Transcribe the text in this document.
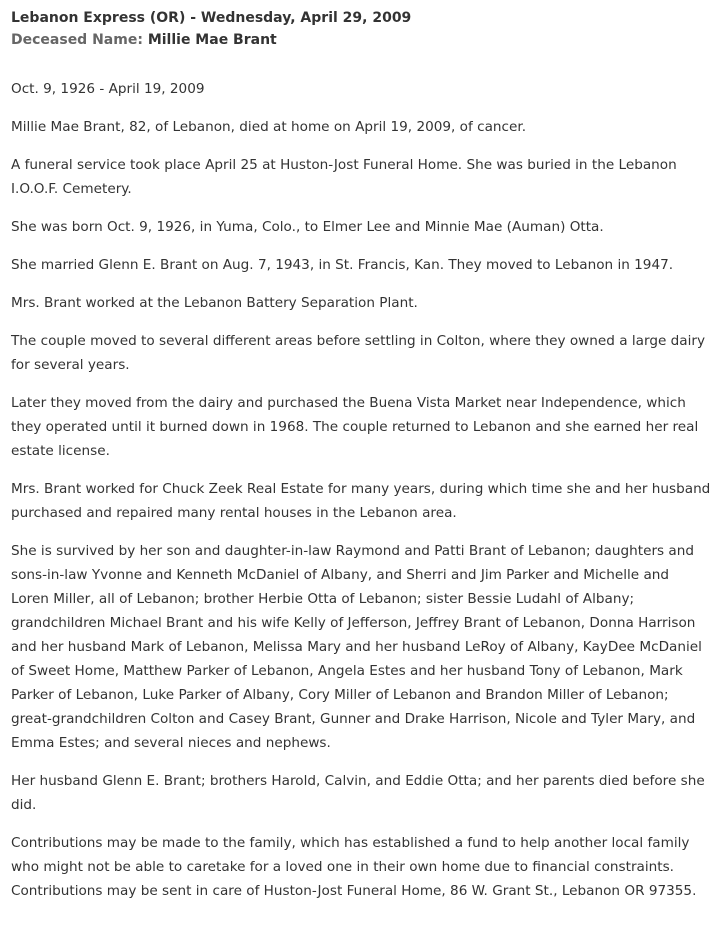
Lebanon Express (OR) - Wednesday, April 29, 2009
Deceased Name: Millie Mae Brant

Oct. 9, 1926 - April 19, 2009

Millie Mae Brant, 82, of Lebanon, died at home on April 19, 2009, of cancer.

A funeral service took place April 25 at Huston-Jost Funeral Home. She was buried in the Lebanon I.O.O.F. Cemetery.

She was born Oct. 9, 1926, in Yuma, Colo., to Elmer Lee and Minnie Mae (Auman) Otta.

She married Glenn E. Brant on Aug. 7, 1943, in St. Francis, Kan. They moved to Lebanon in 1947.

Mrs. Brant worked at the Lebanon Battery Separation Plant.

The couple moved to several different areas before settling in Colton, where they owned a large dairy for several years.

Later they moved from the dairy and purchased the Buena Vista Market near Independence, which they operated until it burned down in 1968. The couple returned to Lebanon and she earned her real estate license.

Mrs. Brant worked for Chuck Zeek Real Estate for many years, during which time she and her husband purchased and repaired many rental houses in the Lebanon area.

She is survived by her son and daughter-in-law Raymond and Patti Brant of Lebanon; daughters and sons-in-law Yvonne and Kenneth McDaniel of Albany, and Sherri and Jim Parker and Michelle and Loren Miller, all of Lebanon; brother Herbie Otta of Lebanon; sister Bessie Ludahl of Albany; grandchildren Michael Brant and his wife Kelly of Jefferson, Jeffrey Brant of Lebanon, Donna Harrison and her husband Mark of Lebanon, Melissa Mary and her husband LeRoy of Albany, KayDee McDaniel of Sweet Home, Matthew Parker of Lebanon, Angela Estes and her husband Tony of Lebanon, Mark Parker of Lebanon, Luke Parker of Albany, Cory Miller of Lebanon and Brandon Miller of Lebanon; great-grandchildren Colton and Casey Brant, Gunner and Drake Harrison, Nicole and Tyler Mary, and Emma Estes; and several nieces and nephews.

Her husband Glenn E. Brant; brothers Harold, Calvin, and Eddie Otta; and her parents died before she did.

Contributions may be made to the family, which has established a fund to help another local family who might not be able to caretake for a loved one in their own home due to financial constraints. Contributions may be sent in care of Huston-Jost Funeral Home, 86 W. Grant St., Lebanon OR 97355.
